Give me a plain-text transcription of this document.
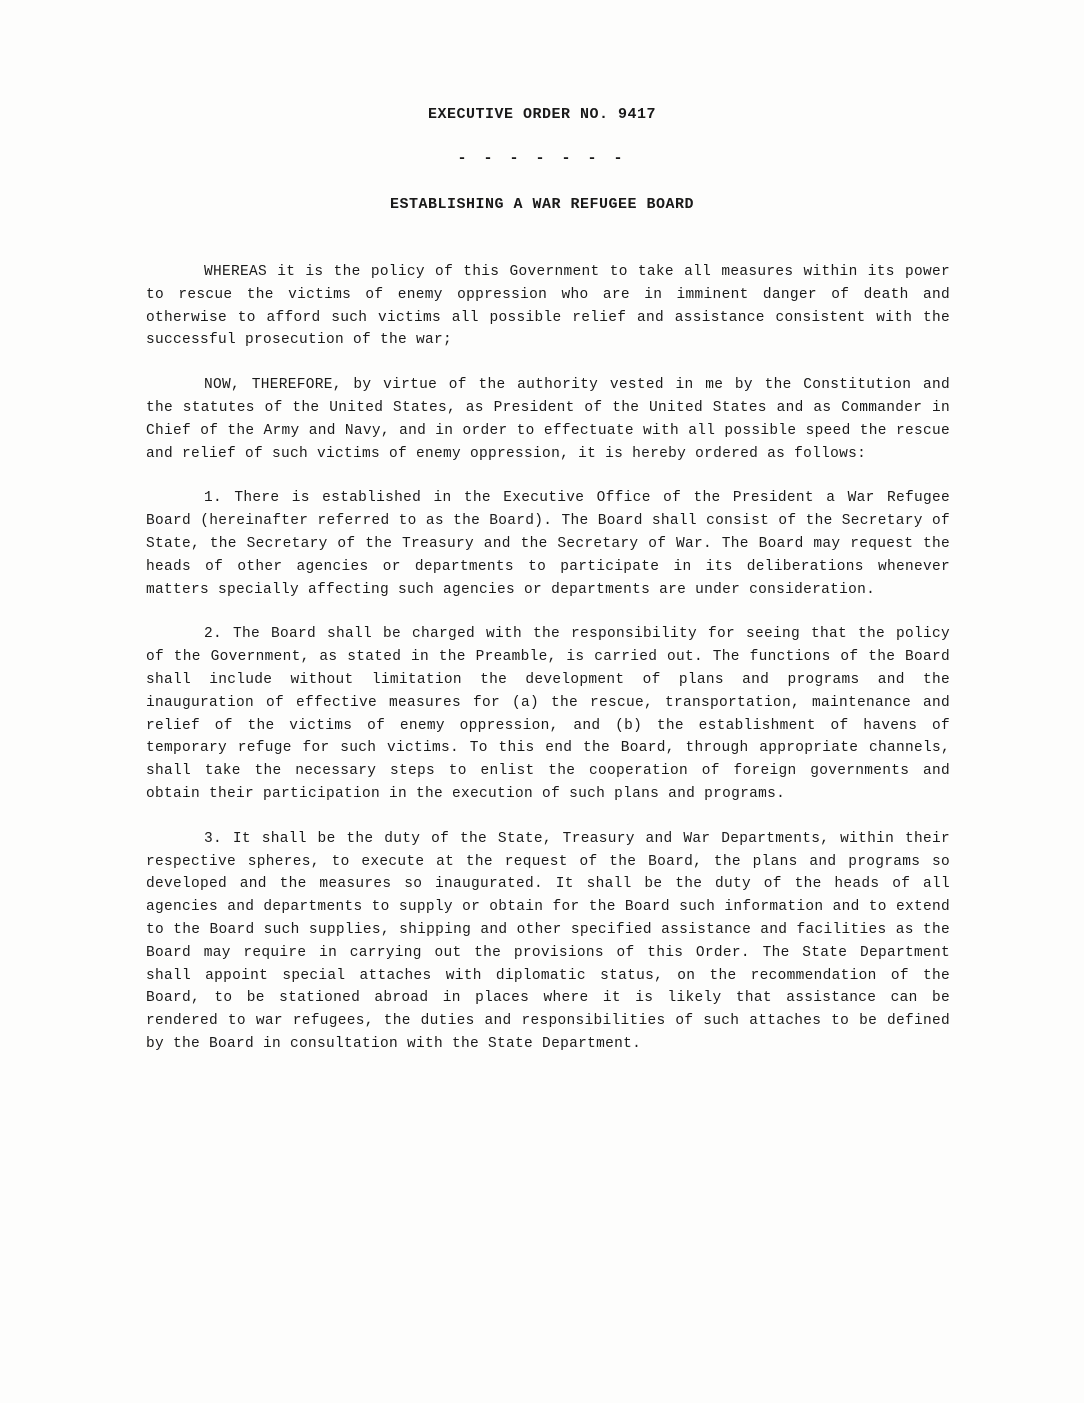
EXECUTIVE ORDER NO. 9417
- - - - - - -
ESTABLISHING A WAR REFUGEE BOARD

WHEREAS it is the policy of this Government to take all measures within its power to rescue the victims of enemy oppression who are in imminent danger of death and otherwise to afford such victims all possible relief and assistance consistent with the successful prosecution of the war;

NOW, THEREFORE, by virtue of the authority vested in me by the Constitution and the statutes of the United States, as President of the United States and as Commander in Chief of the Army and Navy, and in order to effectuate with all possible speed the rescue and relief of such victims of enemy oppression, it is hereby ordered as follows:

1. There is established in the Executive Office of the President a War Refugee Board (hereinafter referred to as the Board). The Board shall consist of the Secretary of State, the Secretary of the Treasury and the Secretary of War. The Board may request the heads of other agencies or departments to participate in its deliberations whenever matters specially affecting such agencies or departments are under consideration.

2. The Board shall be charged with the responsibility for seeing that the policy of the Government, as stated in the Preamble, is carried out. The functions of the Board shall include without limitation the development of plans and programs and the inauguration of effective measures for (a) the rescue, transportation, maintenance and relief of the victims of enemy oppression, and (b) the establishment of havens of temporary refuge for such victims. To this end the Board, through appropriate channels, shall take the necessary steps to enlist the cooperation of foreign governments and obtain their participation in the execution of such plans and programs.

3. It shall be the duty of the State, Treasury and War Departments, within their respective spheres, to execute at the request of the Board, the plans and programs so developed and the measures so inaugurated. It shall be the duty of the heads of all agencies and departments to supply or obtain for the Board such information and to extend to the Board such supplies, shipping and other specified assistance and facilities as the Board may require in carrying out the provisions of this Order. The State Department shall appoint special attaches with diplomatic status, on the recommendation of the Board, to be stationed abroad in places where it is likely that assistance can be rendered to war refugees, the duties and responsibilities of such attaches to be defined by the Board in consultation with the State Department.
